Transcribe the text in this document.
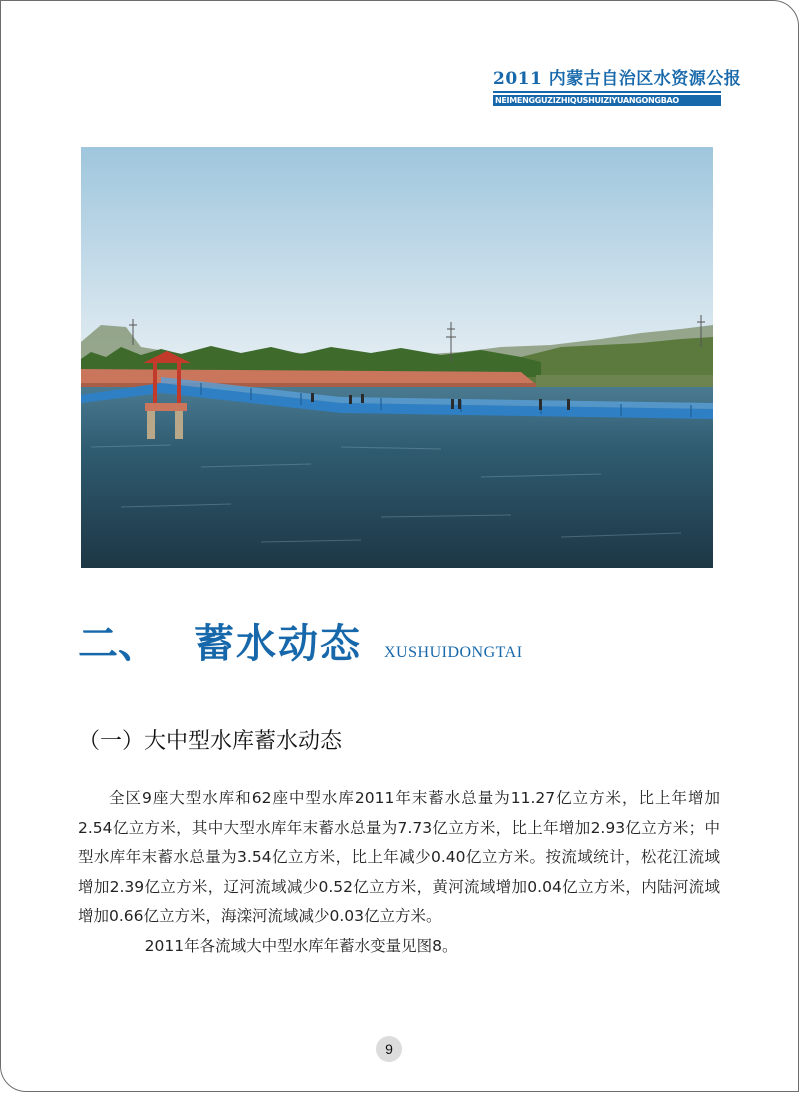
2011 内蒙古自治区水资源公报
NEIMENGGUZIZHIQUSHUIZIYUANGONGBAO
二、 蓄水动态 XUSHUIDONGTAI
（一）大中型水库蓄水动态

全区9座大型水库和62座中型水库2011年末蓄水总量为11.27亿立方米，比上年增加2.54亿立方米，其中大型水库年末蓄水总量为7.73亿立方米，比上年增加2.93亿立方米；中型水库年末蓄水总量为3.54亿立方米，比上年减少0.40亿立方米。按流域统计，松花江流域增加2.39亿立方米，辽河流域减少0.52亿立方米，黄河流域增加0.04亿立方米，内陆河流域增加0.66亿立方米，海滦河流域减少0.03亿立方米。

2011年各流域大中型水库年蓄水变量见图8。

9
